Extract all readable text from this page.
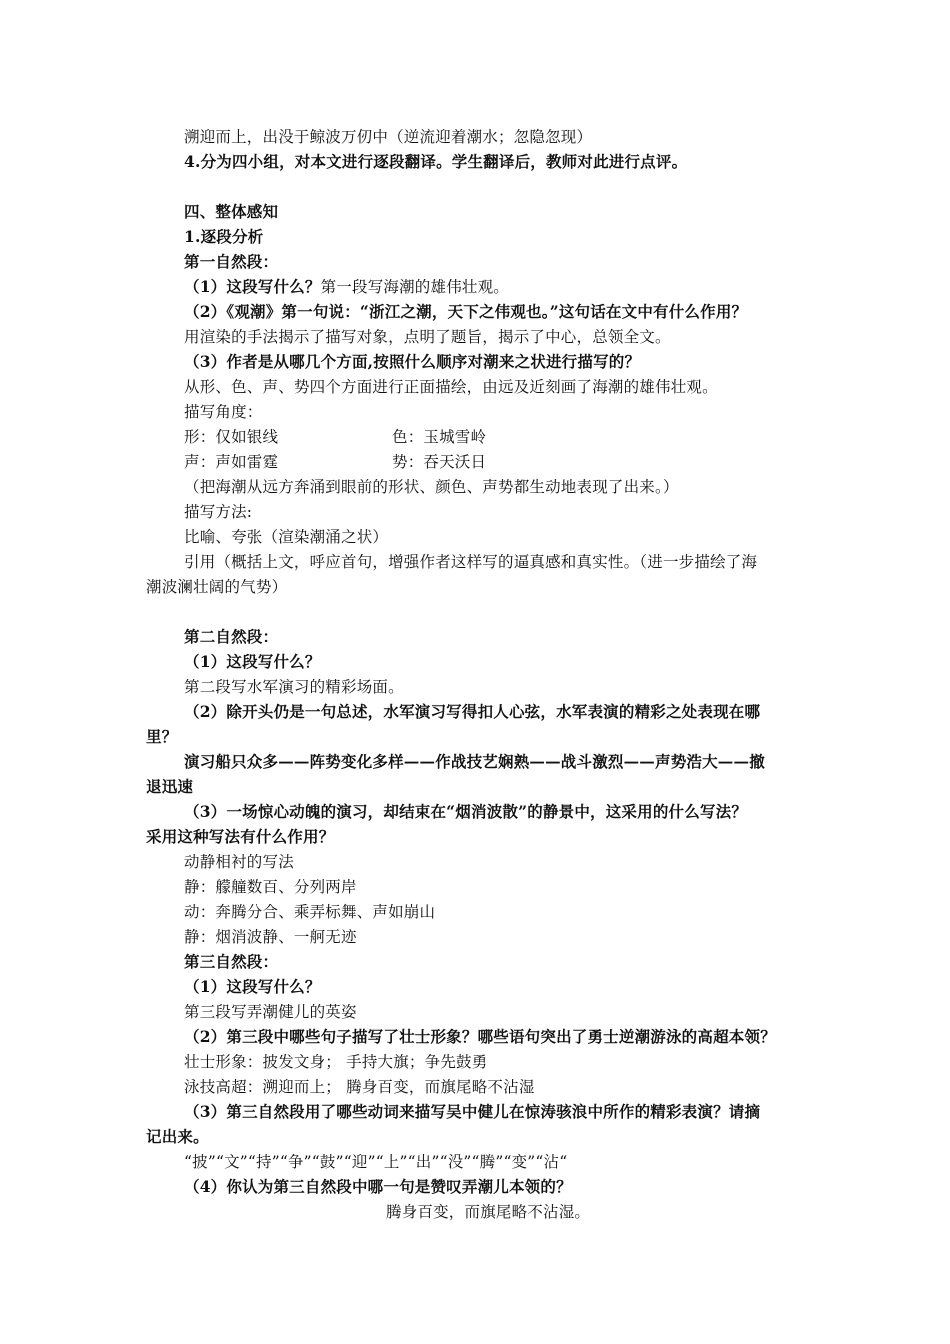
溯迎而上，出没于鲸波万仞中（逆流迎着潮水；忽隐忽现）
4.分为四小组，对本文进行逐段翻译。学生翻译后，教师对此进行点评。
四、整体感知
1.逐段分析
第一自然段：
（1）这段写什么？第一段写海潮的雄伟壮观。
（2）《观潮》第一句说：“浙江之潮，天下之伟观也。”这句话在文中有什么作用？
用渲染的手法揭示了描写对象，点明了题旨，揭示了中心，总领全文。
（3）作者是从哪几个方面,按照什么顺序对潮来之状进行描写的？
从形、色、声、势四个方面进行正面描绘，由远及近刻画了海潮的雄伟壮观。
描写角度：
形：仅如银线	色：玉城雪岭
声：声如雷霆	势：吞天沃日
（把海潮从远方奔涌到眼前的形状、颜色、声势都生动地表现了出来。）
描写方法:
比喻、夸张（渲染潮涌之状）
引用（概括上文，呼应首句，增强作者这样写的逼真感和真实性。（进一步描绘了海
潮波澜壮阔的气势）
第二自然段：
（1）这段写什么？
第二段写水军演习的精彩场面。
（2）除开头仍是一句总述，水军演习写得扣人心弦，水军表演的精彩之处表现在哪
里？
演习船只众多——阵势变化多样——作战技艺娴熟——战斗激烈——声势浩大——撤
退迅速
（3）一场惊心动魄的演习，却结束在“烟消波散”的静景中，这采用的什么写法？
采用这种写法有什么作用？
动静相衬的写法
静：艨艟数百、分列两岸
动：奔腾分合、乘弄标舞、声如崩山
静：烟消波静、一舸无迹
第三自然段：
（1）这段写什么？
第三段写弄潮健儿的英姿
（2）第三段中哪些句子描写了壮士形象？哪些语句突出了勇士逆潮游泳的高超本领？
壮士形象：披发文身； 手持大旗；争先鼓勇
泳技高超：溯迎而上； 腾身百变，而旗尾略不沾湿
（3）第三自然段用了哪些动词来描写吴中健儿在惊涛骇浪中所作的精彩表演？请摘
记出来。
“披”“文”“持”“争”“鼓”“迎”“上”“出”“没”“腾”“变”“沾“
（4）你认为第三自然段中哪一句是赞叹弄潮儿本领的？
腾身百变，而旗尾略不沾湿。
